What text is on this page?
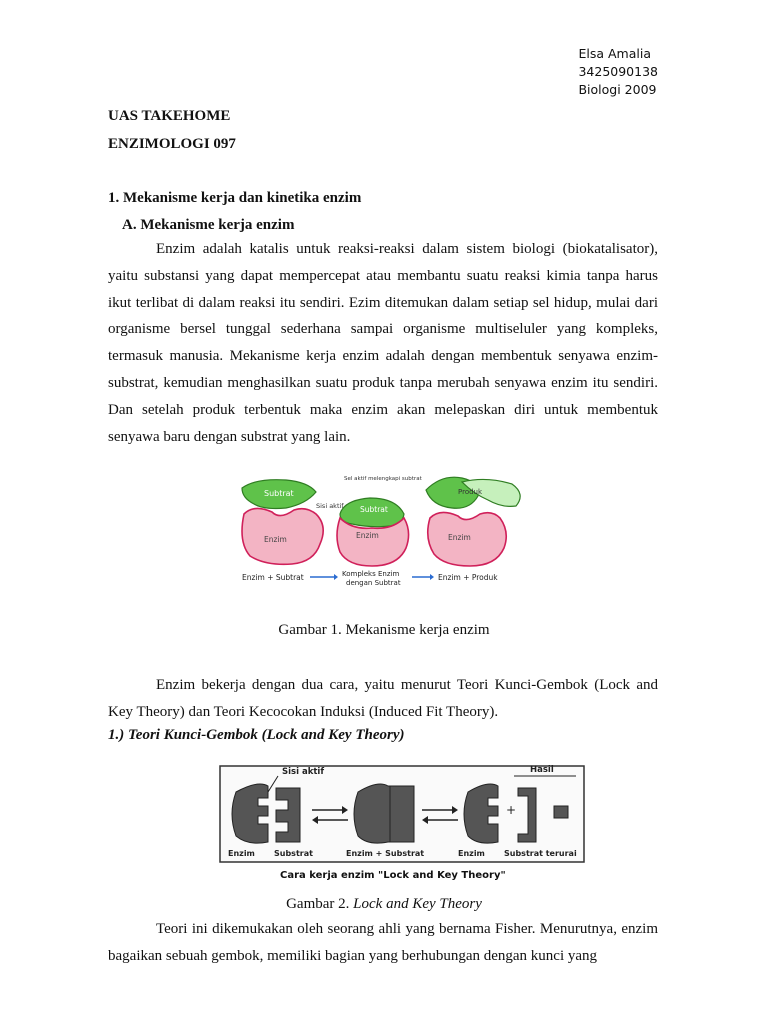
Elsa Amalia
3425090138
Biologi 2009
UAS TAKEHOME
ENZIMOLOGI 097
1. Mekanisme kerja dan kinetika enzim
A. Mekanisme kerja enzim

Enzim adalah katalis untuk reaksi-reaksi dalam sistem biologi (biokatalisator), yaitu substansi yang dapat mempercepat atau membantu suatu reaksi kimia tanpa harus ikut terlibat di dalam reaksi itu sendiri. Ezim ditemukan dalam setiap sel hidup, mulai dari organisme bersel tunggal sederhana sampai organisme multiseluler yang kompleks, termasuk manusia. Mekanisme kerja enzim adalah dengan membentuk senyawa enzim-substrat, kemudian menghasilkan suatu produk tanpa merubah senyawa enzim itu sendiri. Dan setelah produk terbentuk maka enzim akan melepaskan diri untuk membentuk senyawa baru dengan substrat yang lain.

Subtrat
Sisi aktif
Sel aktif melengkapi subtrat
Subtrat
Produk
Enzim	Enzim	Enzim
Enzim + Subtrat	Kompleks Enzim
dengan Subtrat
Enzim + Produk
Gambar 1. Mekanisme kerja enzim

Enzim bekerja dengan dua cara, yaitu menurut Teori Kunci-Gembok (Lock and Key Theory) dan Teori Kecocokan Induksi (Induced Fit Theory).

1.) Teori Kunci-Gembok (Lock and Key Theory)
+
Sisi aktif	Hasil
Enzim Substrat	Enzim + Substrat	Enzim Substrat terurai
Cara kerja enzim "Lock and Key Theory"
Gambar 2. Lock and Key Theory

Teori ini dikemukakan oleh seorang ahli yang bernama Fisher. Menurutnya, enzim bagaikan sebuah gembok, memiliki bagian yang berhubungan dengan kunci yang
